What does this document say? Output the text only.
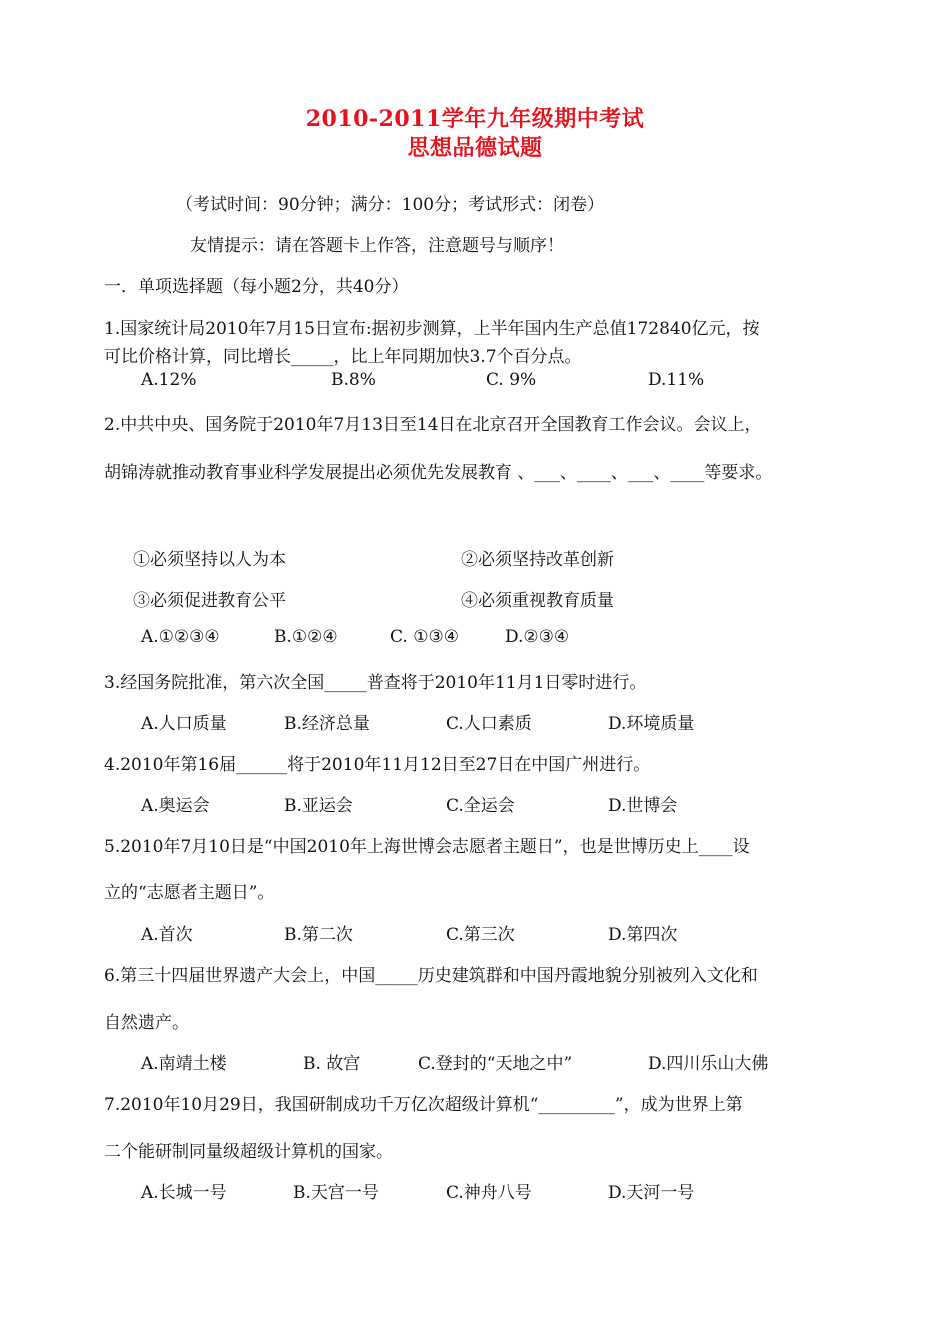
2010-2011学年九年级期中考试
思想品德试题
（考试时间：90分钟；满分：100分；考试形式：闭卷）
友情提示：请在答题卡上作答，注意题号与顺序！
一．单项选择题（每小题2分，共40分）
1.国家统计局2010年7月15日宣布:据初步测算，上半年国内生产总值172840亿元，按
可比价格计算，同比增长_____，比上年同期加快3.7个百分点。
A.12%	B.8%	C. 9%	D.11%
2.中共中央、国务院于2010年7月13日至14日在北京召开全国教育工作会议。会议上，
胡锦涛就推动教育事业科学发展提出必须优先发展教育 、___、____、___、____等要求。
①必须坚持以人为本	②必须坚持改革创新
③必须促进教育公平	④必须重视教育质量
A.①②③④	B.①②④	C. ①③④	D.②③④
3.经国务院批准，第六次全国_____普查将于2010年11月1日零时进行。
A.人口质量	B.经济总量	C.人口素质	D.环境质量
4.2010年第16届______将于2010年11月12日至27日在中国广州进行。
A.奥运会	B.亚运会	C.全运会	D.世博会
5.2010年7月10日是“中国2010年上海世博会志愿者主题日”，也是世博历史上____设
立的“志愿者主题日”。
A.首次	B.第二次	C.第三次	D.第四次
6.第三十四届世界遗产大会上，中国_____历史建筑群和中国丹霞地貌分别被列入文化和
自然遗产。
A.南靖土楼	B. 故宫	C.登封的“天地之中”	D.四川乐山大佛
7.2010年10月29日，我国研制成功千万亿次超级计算机“_________”，成为世界上第
二个能研制同量级超级计算机的国家。
A.长城一号	B.天宫一号	C.神舟八号	D.天河一号
